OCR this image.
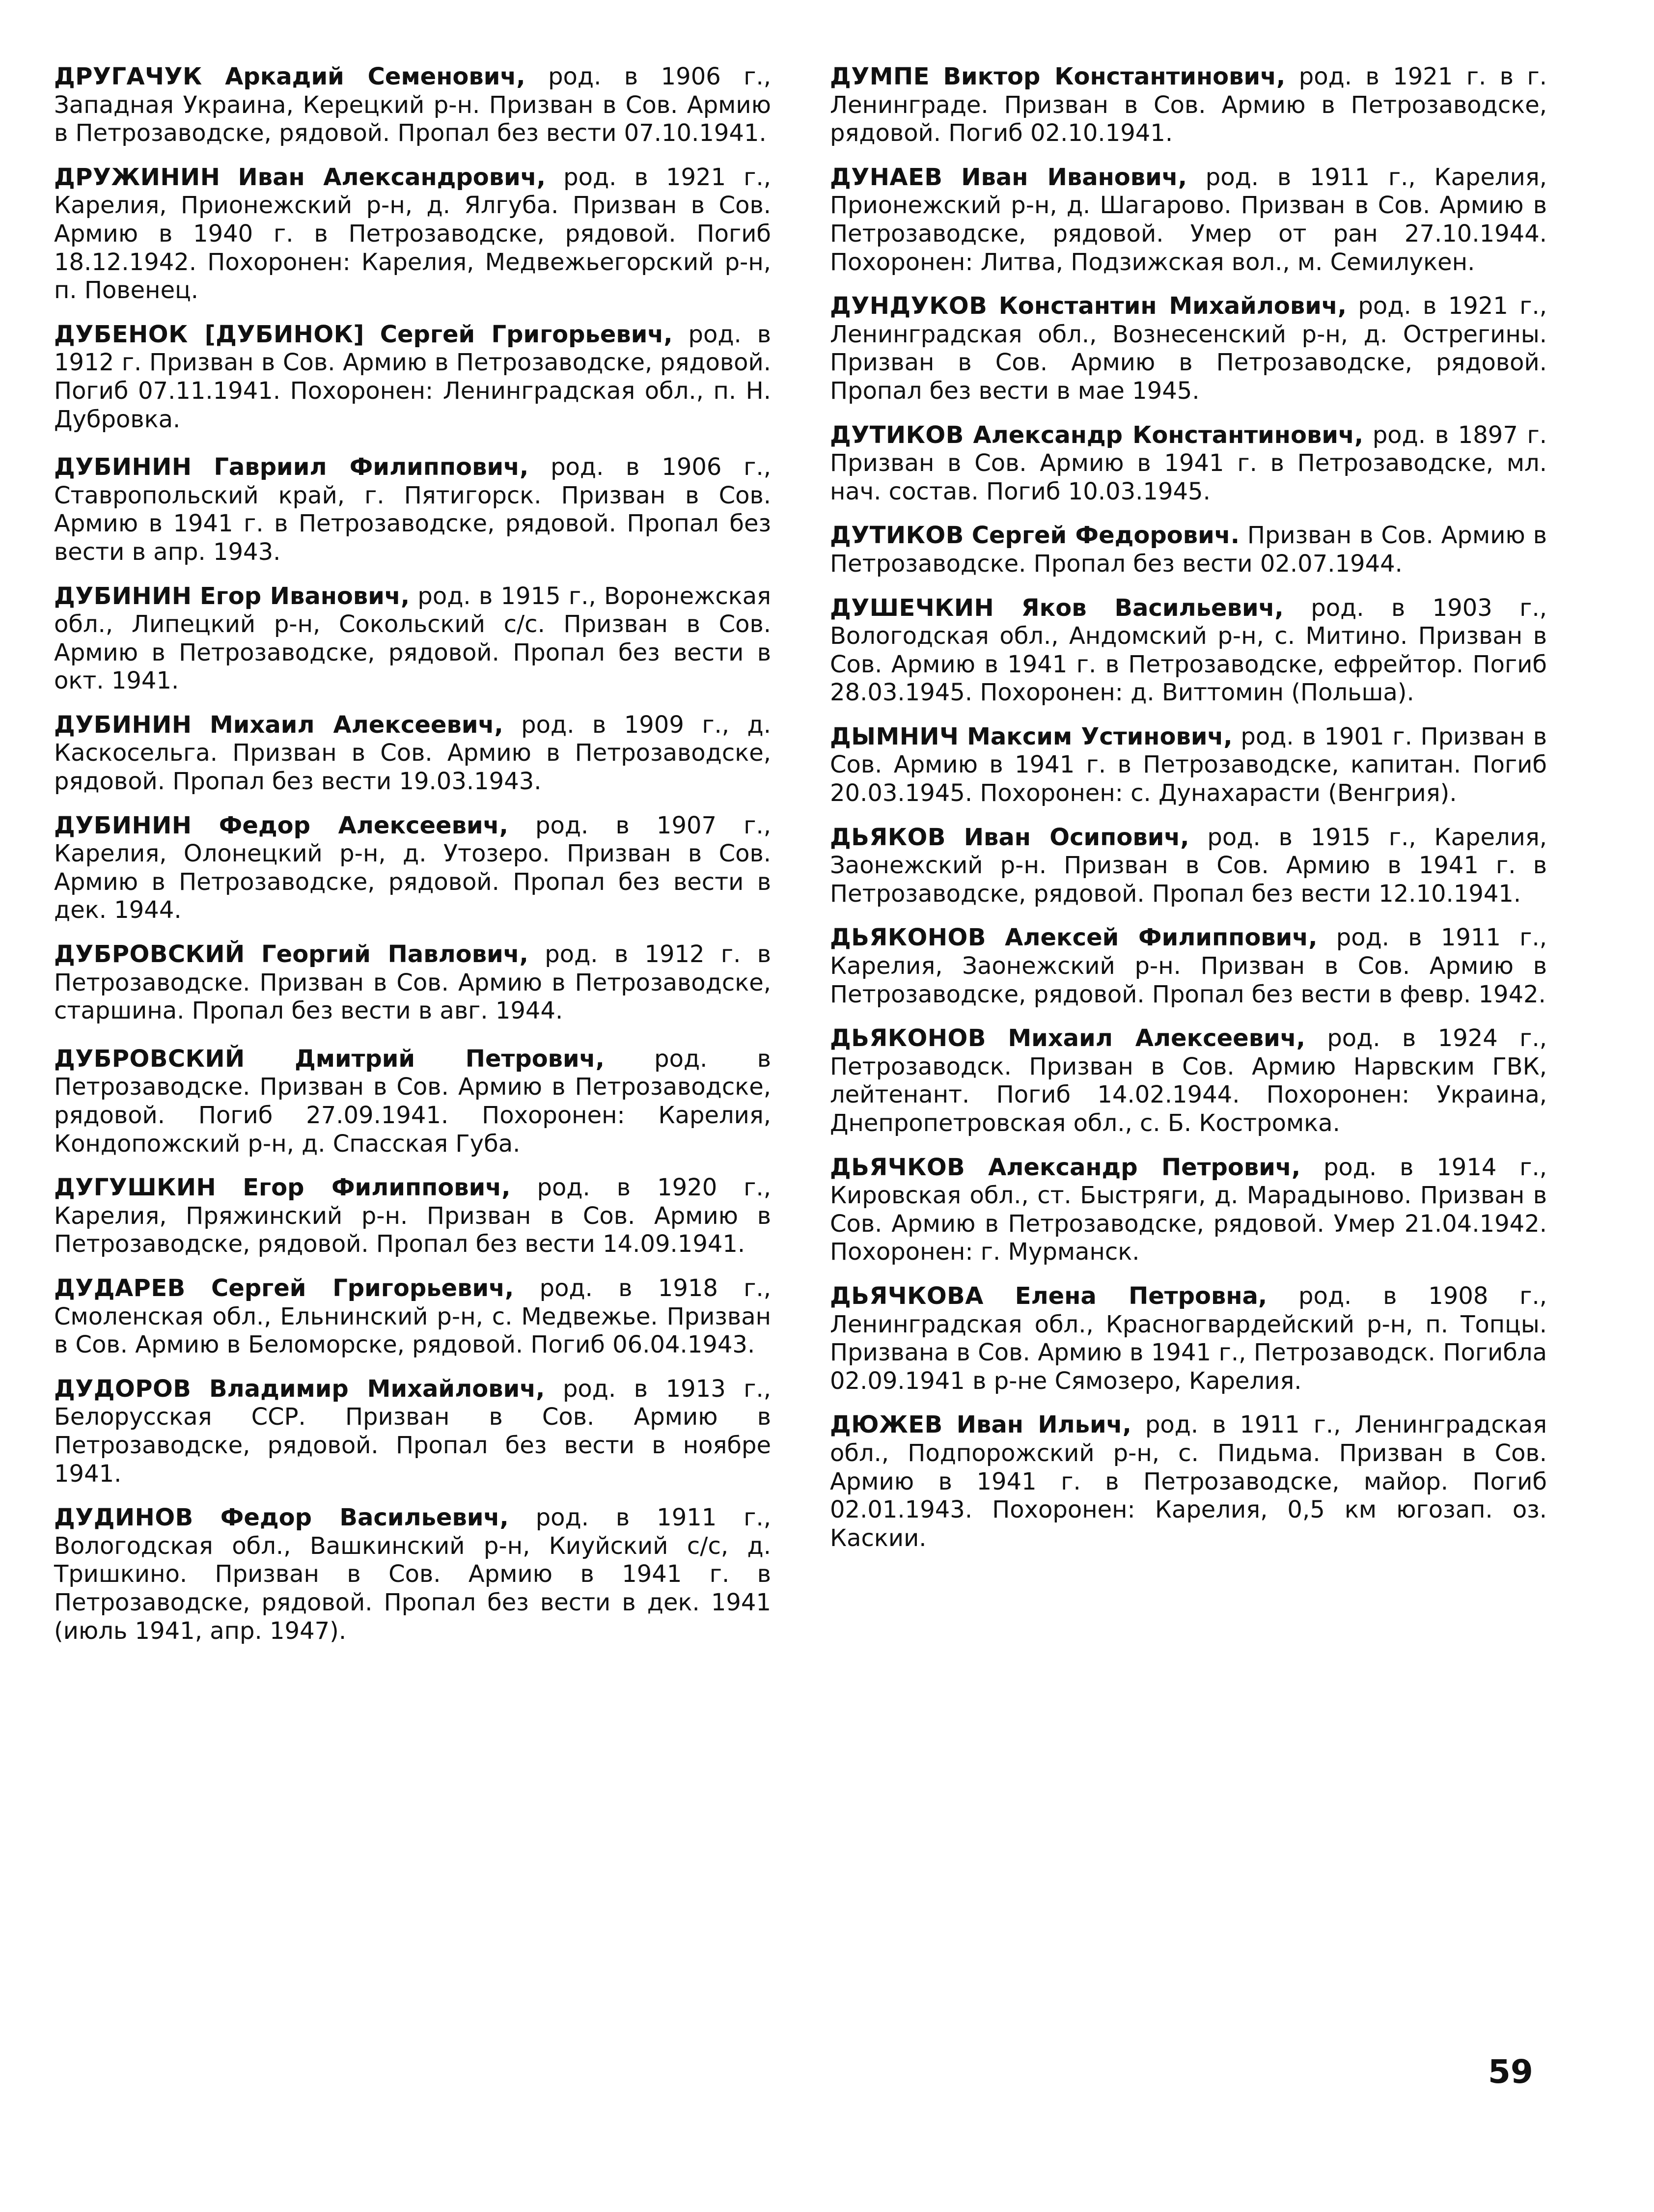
ДРУГАЧУК Аркадий Семенович, род. в 1906 г., Западная Украина, Керецкий р-н. Призван в Сов. Армию в Петрозаводске, рядовой. Пропал без вести 07.10.1941.

ДРУЖИНИН Иван Александрович, род. в 1921 г., Карелия, Прионежский р-н, д. Ялгуба. Призван в Сов. Армию в 1940 г. в Петрозаводске, рядовой. Погиб 18.12.1942. Похоронен: Карелия, Медвежьегорский р-н, п. Повенец.

ДУБЕНОК [ДУБИНОК] Сергей Григорьевич, род. в 1912 г. Призван в Сов. Армию в Петрозаводске, рядовой. Погиб 07.11.1941. Похоронен: Ленинградская обл., п. Н. Дубровка.

ДУБИНИН Гавриил Филиппович, род. в 1906 г., Ставропольский край, г. Пятигорск. Призван в Сов. Армию в 1941 г. в Петрозаводске, рядовой. Пропал без вести в апр. 1943.

ДУБИНИН Егор Иванович, род. в 1915 г., Воронежская обл., Липецкий р-н, Сокольский с/с. Призван в Сов. Армию в Петрозаводске, рядовой. Пропал без вести в окт. 1941.

ДУБИНИН Михаил Алексеевич, род. в 1909 г., д. Каскосельга. Призван в Сов. Армию в Петрозаводске, рядовой. Пропал без вести 19.03.1943.

ДУБИНИН Федор Алексеевич, род. в 1907 г., Карелия, Олонецкий р-н, д. Утозеро. Призван в Сов. Армию в Петрозаводске, рядовой. Пропал без вести в дек. 1944.

ДУБРОВСКИЙ Георгий Павлович, род. в 1912 г. в Петрозаводске. Призван в Сов. Армию в Петрозаводске, старшина. Пропал без вести в авг. 1944.

ДУБРОВСКИЙ Дмитрий Петрович, род. в Петрозаводске. Призван в Сов. Армию в Петрозаводске, рядовой. Погиб 27.09.1941. Похоронен: Карелия, Кондопожский р-н, д. Спасская Губа.

ДУГУШКИН Егор Филиппович, род. в 1920 г., Карелия, Пряжинский р-н. Призван в Сов. Армию в Петрозаводске, рядовой. Пропал без вести 14.09.1941.

ДУДАРЕВ Сергей Григорьевич, род. в 1918 г., Смоленская обл., Ельнинский р-н, с. Медвежье. Призван в Сов. Армию в Беломорске, рядовой. Погиб 06.04.1943.

ДУДОРОВ Владимир Михайлович, род. в 1913 г., Белорусская ССР. Призван в Сов. Армию в Петрозаводске, рядовой. Пропал без вести в ноябре 1941.

ДУДИНОВ Федор Васильевич, род. в 1911 г., Вологодская обл., Вашкинский р-н, Киуйский с/с, д. Тришкино. Призван в Сов. Армию в 1941 г. в Петрозаводске, рядовой. Пропал без вести в дек. 1941 (июль 1941, апр. 1947).

ДУМПЕ Виктор Константинович, род. в 1921 г. в г. Ленинграде. Призван в Сов. Армию в Петрозаводске, рядовой. Погиб 02.10.1941.

ДУНАЕВ Иван Иванович, род. в 1911 г., Карелия, Прионежский р-н, д. Шагарово. Призван в Сов. Армию в Петрозаводске, рядовой. Умер от ран 27.10.1944. Похоронен: Литва, Подзижская вол., м. Семилукен.

ДУНДУКОВ Константин Михайлович, род. в 1921 г., Ленинградская обл., Вознесенский р-н, д. Острегины. Призван в Сов. Армию в Петрозаводске, рядовой. Пропал без вести в мае 1945.

ДУТИКОВ Александр Константинович, род. в 1897 г. Призван в Сов. Армию в 1941 г. в Петрозаводске, мл. нач. состав. Погиб 10.03.1945.

ДУТИКОВ Сергей Федорович. Призван в Сов. Армию в Петрозаводске. Пропал без вести 02.07.1944.

ДУШЕЧКИН Яков Васильевич, род. в 1903 г., Вологодская обл., Андомский р-н, с. Митино. Призван в Сов. Армию в 1941 г. в Петрозаводске, ефрейтор. Погиб 28.03.1945. Похоронен: д. Виттомин (Польша).

ДЫМНИЧ Максим Устинович, род. в 1901 г. Призван в Сов. Армию в 1941 г. в Петрозаводске, капитан. Погиб 20.03.1945. Похоронен: с. Дунахарасти (Венгрия).

ДЬЯКОВ Иван Осипович, род. в 1915 г., Карелия, Заонежский р-н. Призван в Сов. Армию в 1941 г. в Петрозаводске, рядовой. Пропал без вести 12.10.1941.

ДЬЯКОНОВ Алексей Филиппович, род. в 1911 г., Карелия, Заонежский р-н. Призван в Сов. Армию в Петрозаводске, рядовой. Пропал без вести в февр. 1942.

ДЬЯКОНОВ Михаил Алексеевич, род. в 1924 г., Петрозаводск. Призван в Сов. Армию Нарвским ГВК, лейтенант. Погиб 14.02.1944. Похоронен: Украина, Днепропетровская обл., с. Б. Костромка.

ДЬЯЧКОВ Александр Петрович, род. в 1914 г., Кировская обл., ст. Быстряги, д. Марадыново. Призван в Сов. Армию в Петрозаводске, рядовой. Умер 21.04.1942. Похоронен: г. Мурманск.

ДЬЯЧКОВА Елена Петровна, род. в 1908 г., Ленинградская обл., Красногвардейский р-н, п. Топцы. Призвана в Сов. Армию в 1941 г., Петрозаводск. Погибла 02.09.1941 в р-не Сямозеро, Карелия.

ДЮЖЕВ Иван Ильич, род. в 1911 г., Ленинградская обл., Подпорожский р-н, с. Пидьма. Призван в Сов. Армию в 1941 г. в Петрозаводске, майор. Погиб 02.01.1943. Похоронен: Карелия, 0,5 км югозап. оз. Каскии.

59
